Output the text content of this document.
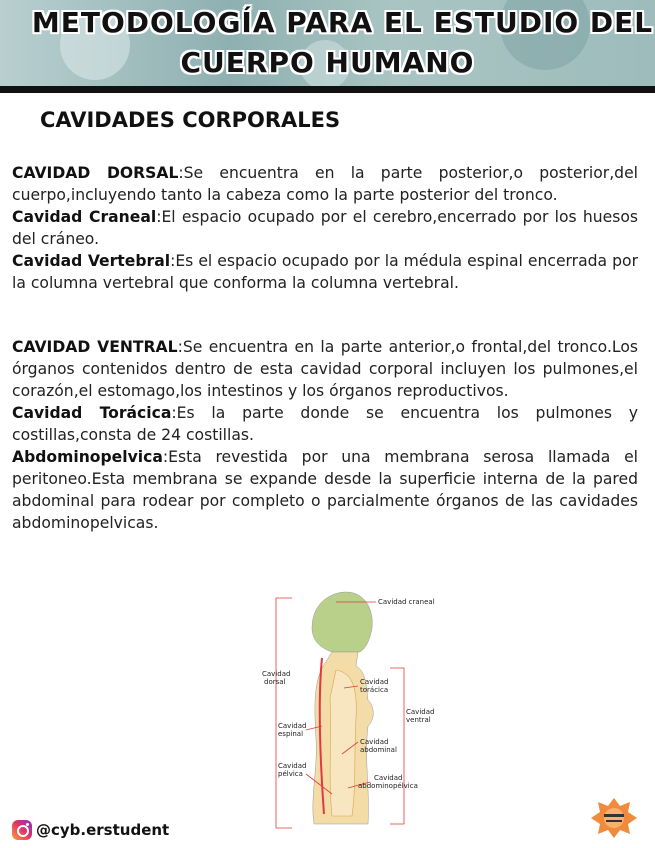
METODOLOGÍA PARA EL ESTUDIO DEL
CUERPO HUMANO
CAVIDADES CORPORALES

CAVIDAD DORSAL:Se encuentra en la parte posterior,o posterior,del cuerpo,incluyendo tanto la cabeza como la parte posterior del tronco.

Cavidad Craneal:El espacio ocupado por el cerebro,encerrado por los huesos del cráneo.

Cavidad Vertebral:Es el espacio ocupado por la médula espinal encerrada por la columna vertebral que conforma la columna vertebral.

CAVIDAD VENTRAL:Se encuentra en la parte anterior,o frontal,del tronco.Los órganos contenidos dentro de esta cavidad corporal incluyen los pulmones,el corazón,el estomago,los intestinos y los órganos reproductivos.

Cavidad Torácica:Es la parte donde se encuentra los pulmones y costillas,consta de 24 costillas.

Abdominopelvica:Esta revestida por una membrana serosa llamada el peritoneo.Esta membrana se expande desde la superficie interna de la pared abdominal para rodear por completo o parcialmente órganos de las cavidades abdominopelvicas.

Cavidad craneal
Cavidad
dorsal	Cavidad
torácica
Cavidad
ventral
Cavidad
espinal
Cavidad
abdominal
Cavidad
pélvica	Cavidad
abdominopélvica
@cyb.erstudent
